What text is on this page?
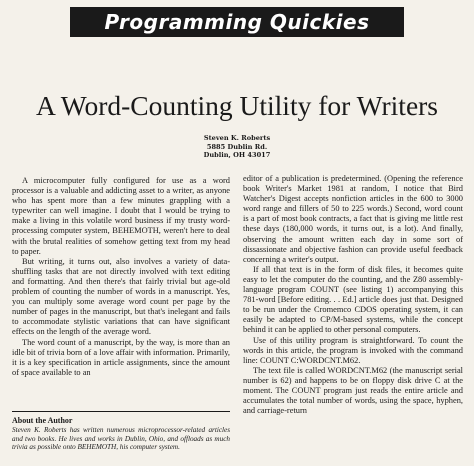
Programming Quickies
A Word-Counting Utility for Writers
Steven K. Roberts
5885 Dublin Rd.
Dublin, OH 43017

A microcomputer fully configured for use as a word processor is a valuable and addicting asset to a writer, as anyone who has spent more than a few minutes grappling with a typewriter can well imagine. I doubt that I would be trying to make a living in this volatile word business if my trusty word-processing computer system, BEHEMOTH, weren't here to deal with the brutal realities of somehow getting text from my head to paper.

But writing, it turns out, also involves a variety of data-shuffling tasks that are not directly involved with text editing and formatting. And then there's that fairly trivial but age-old problem of counting the number of words in a manuscript. Yes, you can multiply some average word count per page by the number of pages in the manuscript, but that's inelegant and fails to accommodate stylistic variations that can have significant effects on the length of the average word.

The word count of a manuscript, by the way, is more than an idle bit of trivia born of a love affair with information. Primarily, it is a key specification in article assignments, since the amount of space available to an

editor of a publication is predetermined. (Opening the reference book Writer's Market 1981 at random, I notice that Bird Watcher's Digest accepts nonfiction articles in the 600 to 3000 word range and fillers of 50 to 225 words.) Second, word count is a part of most book contracts, a fact that is giving me little rest these days (180,000 words, it turns out, is a lot). And finally, observing the amount written each day in some sort of dissassionate and objective fashion can provide useful feedback concerning a writer's output.

If all that text is in the form of disk files, it becomes quite easy to let the computer do the counting, and the Z80 assembly-language program COUNT (see listing 1) accompanying this 781-word [Before editing. . . Ed.] article does just that. Designed to be run under the Cromemco CDOS operating system, it can easily be adapted to CP/M-based systems, while the concept behind it can be applied to other personal computers.

Use of this utility program is straightforward. To count the words in this article, the program is invoked with the command line: COUNT C:WORDCNT.M62.

The text file is called WORDCNT.M62 (the manuscript serial number is 62) and happens to be on floppy disk drive C at the moment. The COUNT program just reads the entire article and accumulates the total number of words, using the space, hyphen, and carriage-return

About the Author
Steven K. Roberts has written numerous microprocessor-related articles and two books. He lives and works in Dublin, Ohio, and offloads as much trivia as possible onto BEHEMOTH, his computer system.
